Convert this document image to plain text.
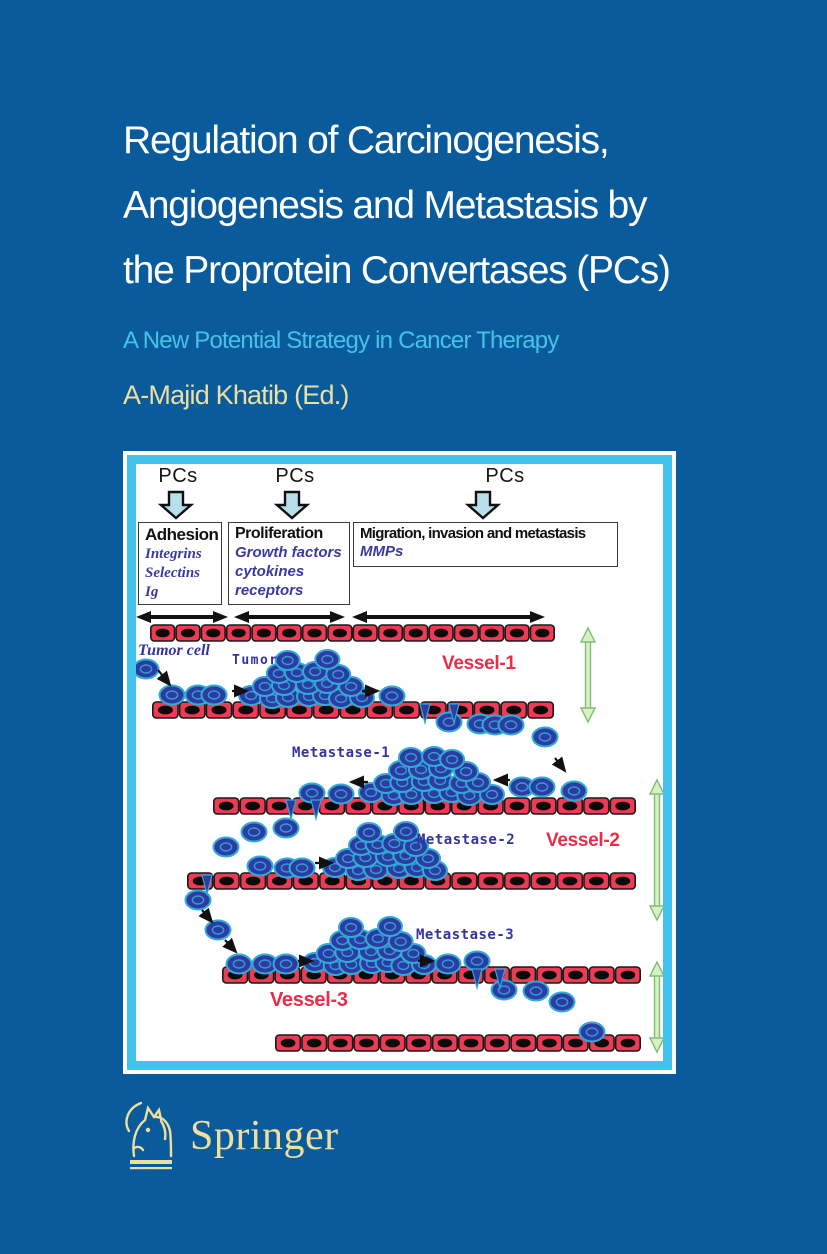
Regulation of Carcinogenesis,
Angiogenesis and Metastasis by
the Proprotein Convertases (PCs)
A New Potential Strategy in Cancer Therapy
A-Majid Khatib (Ed.)
PCs	PCs	PCs
Adhesion
Integrins
Selectins
Ig
Proliferation
Growth factors
cytokines
receptors
Migration, invasion and metastasis
MMPs
Tumor cell
Tumor
Metastase-1
Metastase-2
Metastase-3
Vessel-1
Vessel-2
Vessel-3
Springer
